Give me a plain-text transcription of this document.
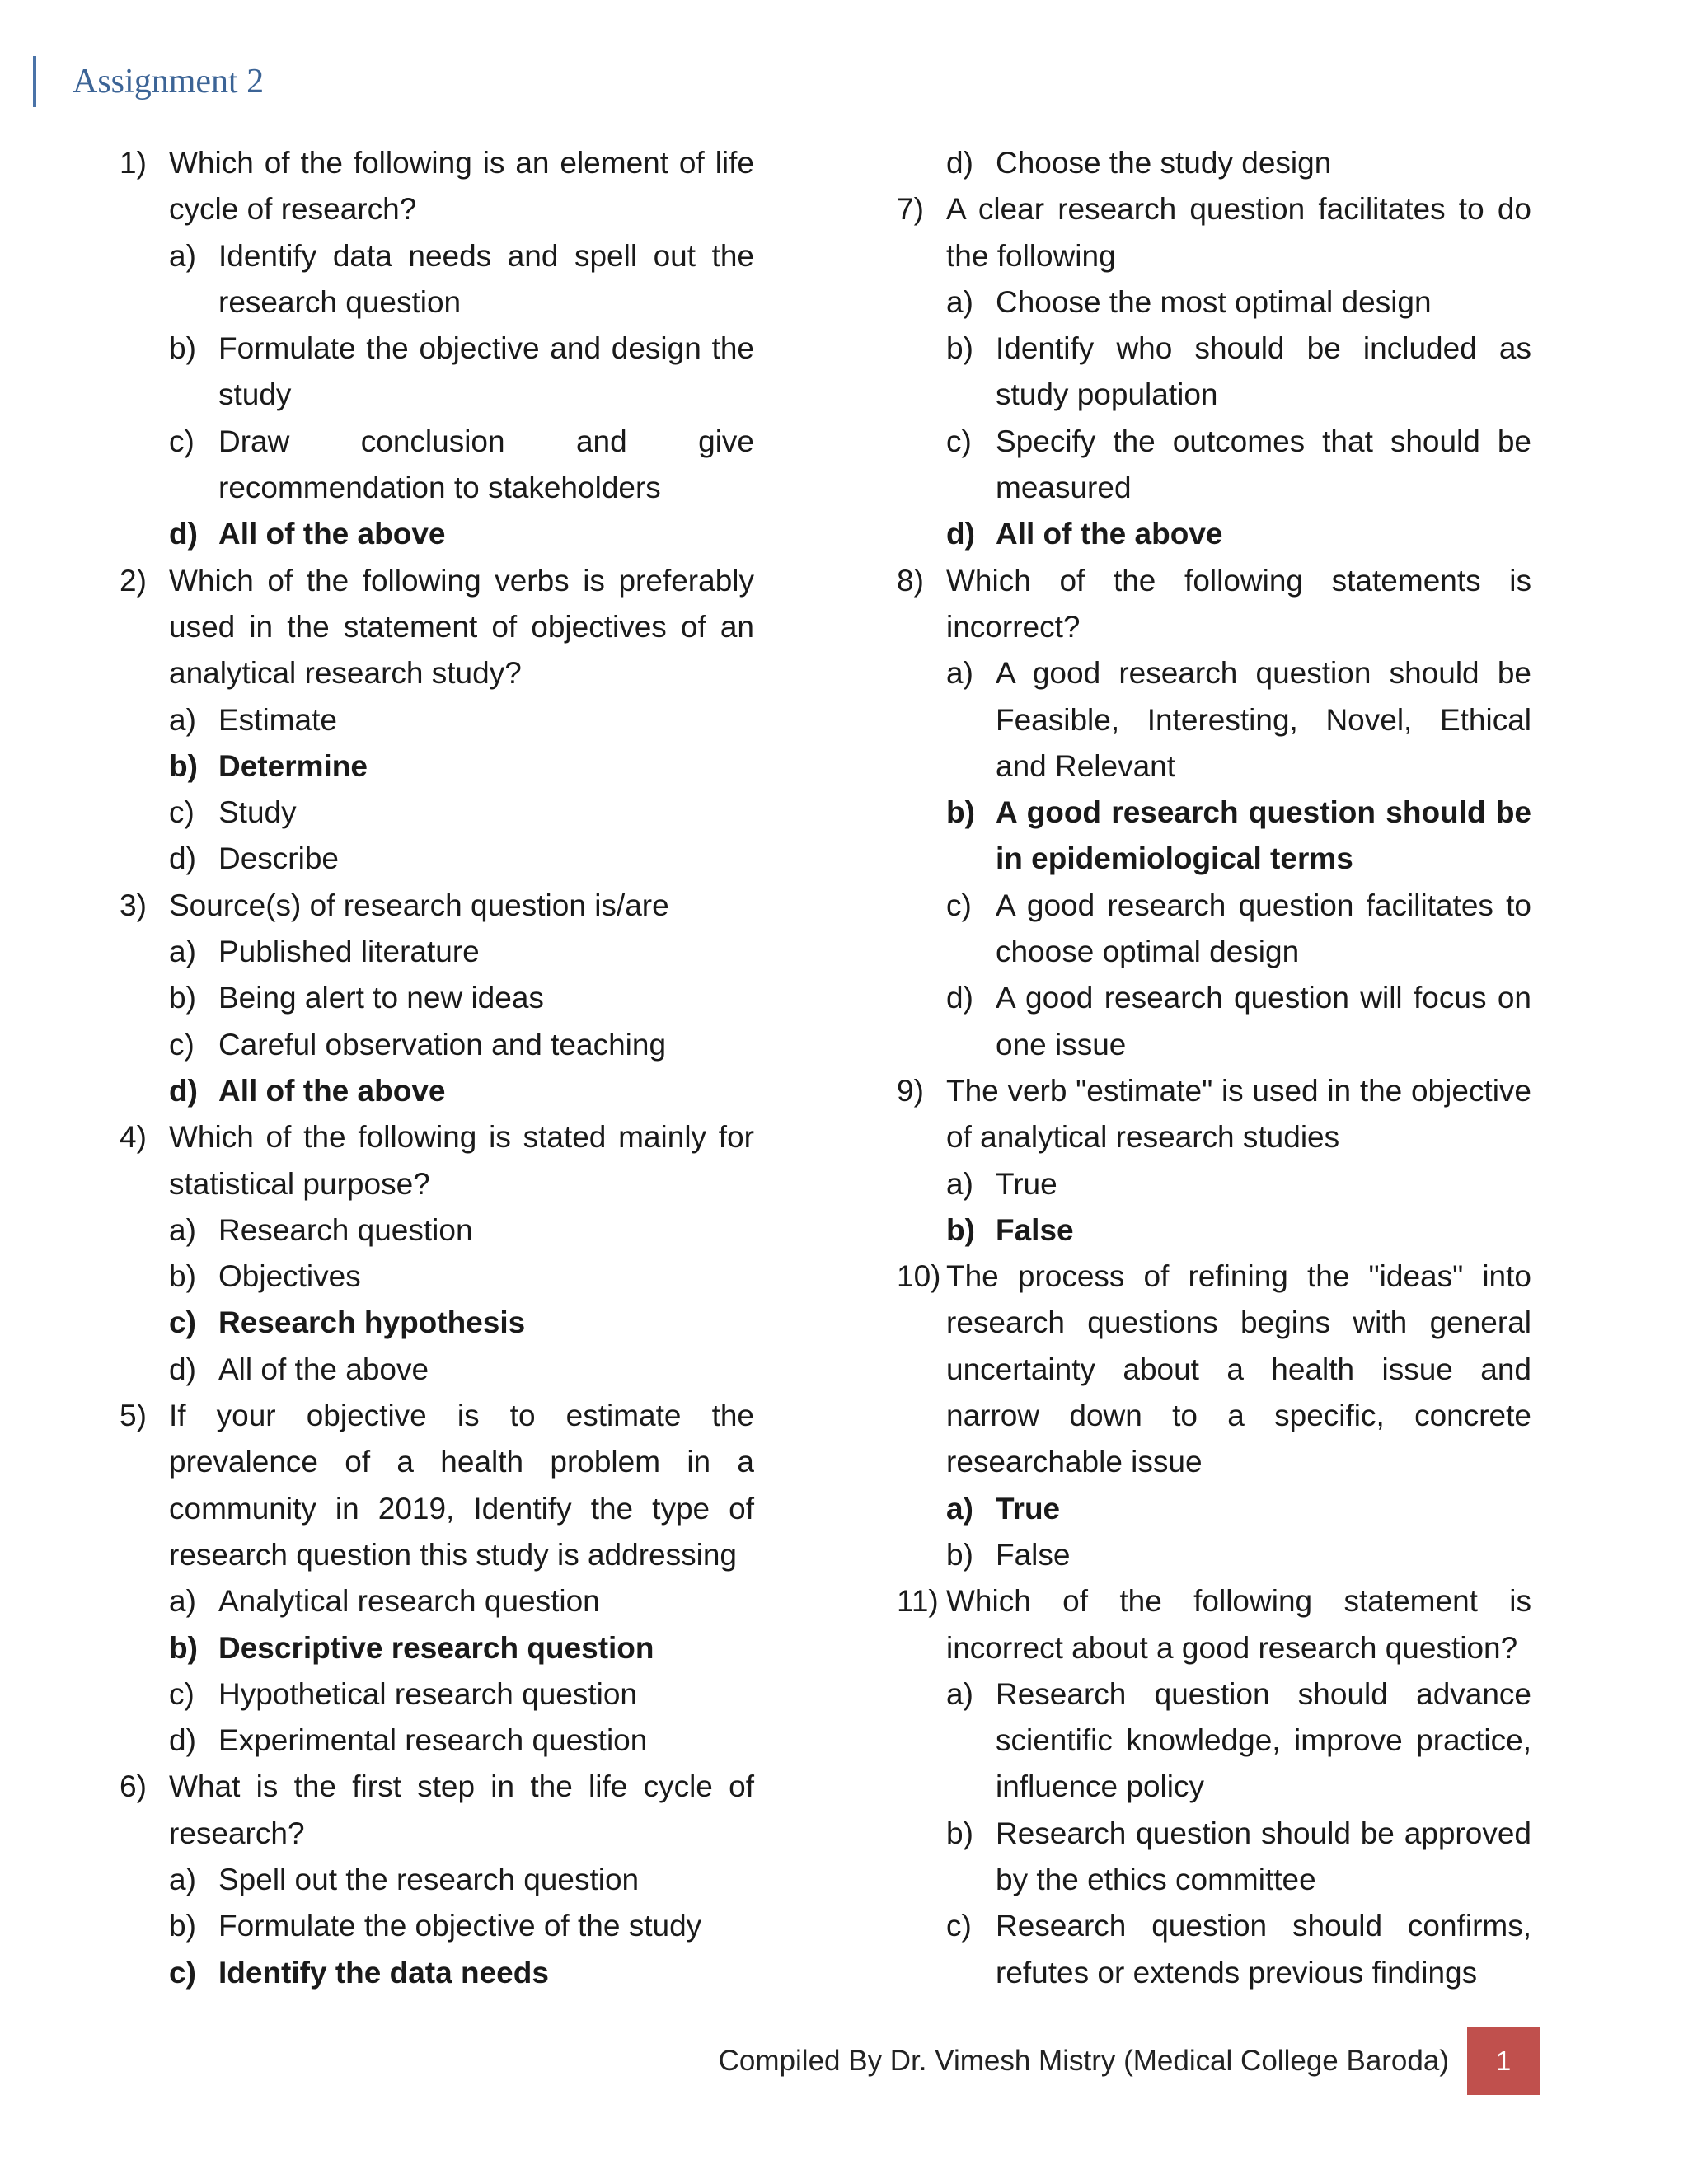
Assignment 2
1) Which of the following is an element of life cycle of research?
a) Identify data needs and spell out the research question
b) Formulate the objective and design the study
c) Draw conclusion and give recommendation to stakeholders
d) All of the above
2) Which of the following verbs is preferably used in the statement of objectives of an analytical research study?
a) Estimate
b) Determine
c) Study
d) Describe
3) Source(s) of research question is/are
a) Published literature
b) Being alert to new ideas
c) Careful observation and teaching
d) All of the above
4) Which of the following is stated mainly for statistical purpose?
a) Research question
b) Objectives
c) Research hypothesis
d) All of the above
5) If your objective is to estimate the prevalence of a health problem in a community in 2019, Identify the type of research question this study is addressing
a) Analytical research question
b) Descriptive research question
c) Hypothetical research question
d) Experimental research question
6) What is the first step in the life cycle of research?
a) Spell out the research question
b) Formulate the objective of the study
c) Identify the data needs
d) Choose the study design
7) A clear research question facilitates to do the following
a) Choose the most optimal design
b) Identify who should be included as study population
c) Specify the outcomes that should be measured
d) All of the above
8) Which of the following statements is incorrect?
a) A good research question should be Feasible, Interesting, Novel, Ethical and Relevant
b) A good research question should be in epidemiological terms
c) A good research question facilitates to choose optimal design
d) A good research question will focus on one issue
9) The verb "estimate" is used in the objective of analytical research studies
a) True
b) False
10) The process of refining the "ideas" into research questions begins with general uncertainty about a health issue and narrow down to a specific, concrete researchable issue
a) True
b) False
11) Which of the following statement is incorrect about a good research question?
a) Research question should advance scientific knowledge, improve practice, influence policy
b) Research question should be approved by the ethics committee
c) Research question should confirms, refutes or extends previous findings
Compiled By Dr. Vimesh Mistry (Medical College Baroda)	1
